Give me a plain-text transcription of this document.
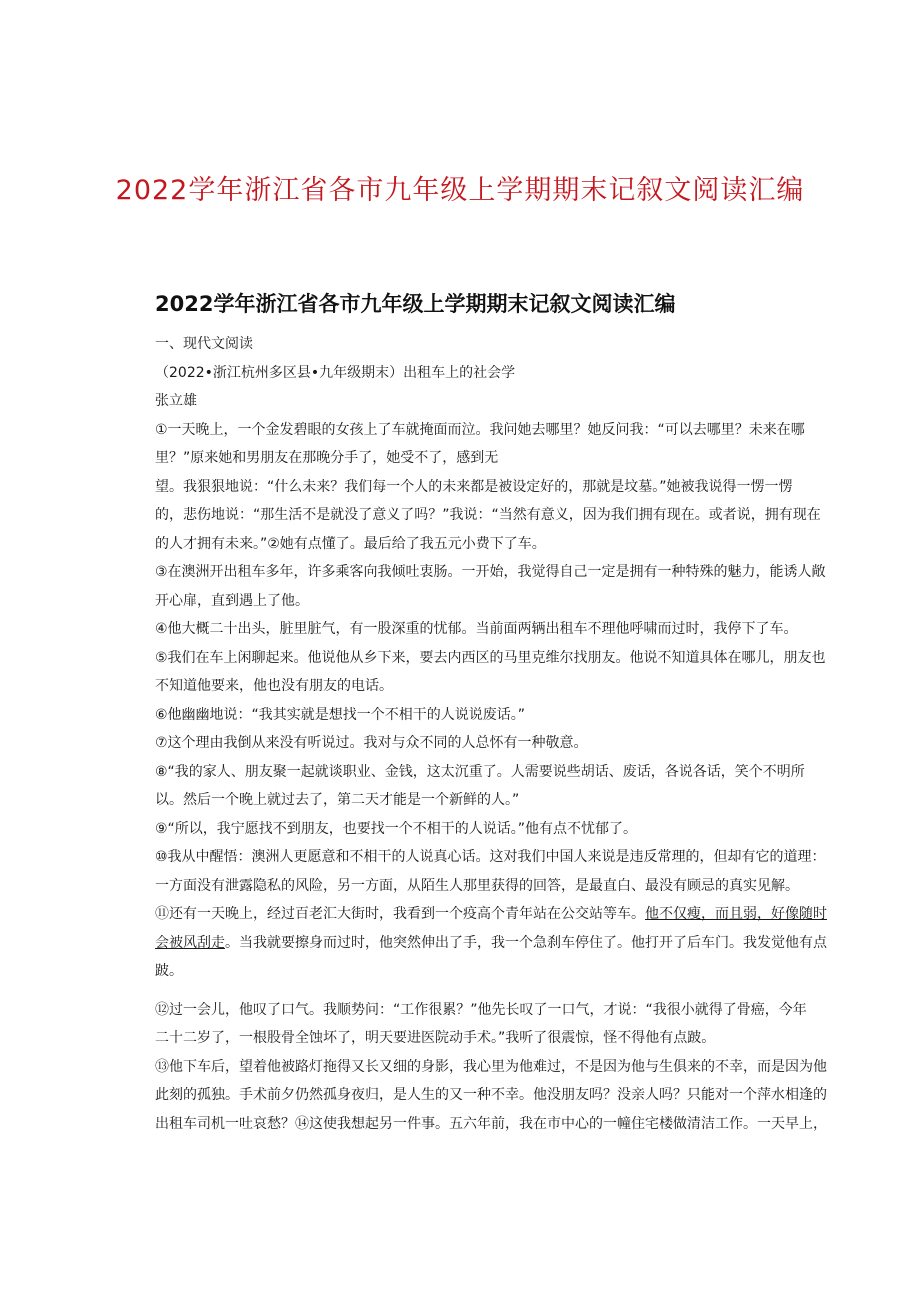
2022学年浙江省各市九年级上学期期末记叙文阅读汇编
2022学年浙江省各市九年级上学期期末记叙文阅读汇编
一、现代文阅读
（2022•浙江杭州多区县•九年级期末）出租车上的社会学
张立雄
①一天晚上，一个金发碧眼的女孩上了车就掩面而泣。我问她去哪里？她反问我：“可以去哪里？未来在哪
里？”原来她和男朋友在那晚分手了，她受不了，感到无
望。我狠狠地说：“什么未来？我们每一个人的未来都是被设定好的，那就是坟墓。”她被我说得一愣一愣
的，悲伤地说：“那生活不是就没了意义了吗？”我说：“当然有意义，因为我们拥有现在。或者说，拥有现在
的人才拥有未来。”②她有点懂了。最后给了我五元小费下了车。
③在澳洲开出租车多年，许多乘客向我倾吐衷肠。一开始，我觉得自己一定是拥有一种特殊的魅力，能诱人敞
开心扉，直到遇上了他。
④他大概二十出头，脏里脏气，有一股深重的忧郁。当前面两辆出租车不理他呼啸而过时，我停下了车。
⑤我们在车上闲聊起来。他说他从乡下来，要去内西区的马里克维尔找朋友。他说不知道具体在哪儿，朋友也
不知道他要来，他也没有朋友的电话。
⑥他幽幽地说：“我其实就是想找一个不相干的人说说废话。”
⑦这个理由我倒从来没有听说过。我对与众不同的人总怀有一种敬意。
⑧“我的家人、朋友聚一起就谈职业、金钱，这太沉重了。人需要说些胡话、废话，各说各话，笑个不明所
以。然后一个晚上就过去了，第二天才能是一个新鲜的人。”
⑨“所以，我宁愿找不到朋友，也要找一个不相干的人说话。”他有点不忧郁了。
⑩我从中醒悟：澳洲人更愿意和不相干的人说真心话。这对我们中国人来说是违反常理的，但却有它的道理：
一方面没有泄露隐私的风险，另一方面，从陌生人那里获得的回答，是最直白、最没有顾忌的真实见解。
⑪还有一天晚上，经过百老汇大街时，我看到一个疫高个青年站在公交站等车。他不仅瘦，而且弱，好像随时
会被风刮走。当我就要擦身而过时，他突然伸出了手，我一个急刹车停住了。他打开了后车门。我发觉他有点
跛。
⑫过一会儿，他叹了口气。我顺势问：“工作很累？”他先长叹了一口气，才说：“我很小就得了骨癌，今年
二十二岁了，一根股骨全蚀坏了，明天要进医院动手术。”我听了很震惊，怪不得他有点跛。
⑬他下车后，望着他被路灯拖得又长又细的身影，我心里为他难过，不是因为他与生俱来的不幸，而是因为他
此刻的孤独。手术前夕仍然孤身夜归，是人生的又一种不幸。他没朋友吗？没亲人吗？只能对一个萍水相逢的
出租车司机一吐哀愁？⑭这使我想起另一件事。五六年前，我在市中心的一幢住宅楼做清洁工作。一天早上，
